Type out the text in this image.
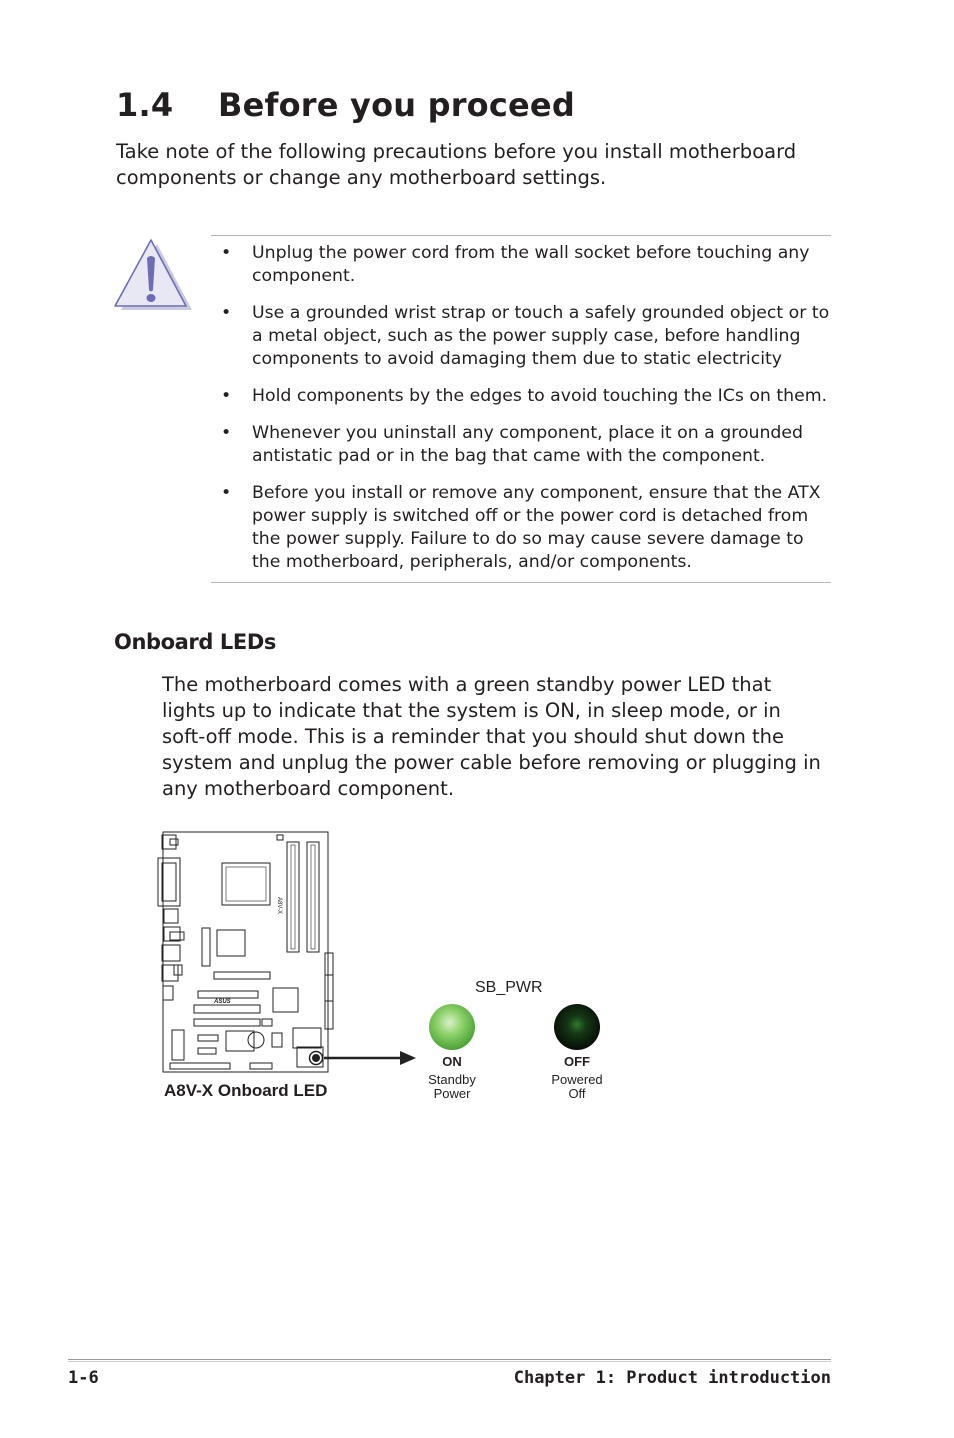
1.4 Before you proceed

Take note of the following precautions before you install motherboard components or change any motherboard settings.

• Unplug the power cord from the wall socket before touching any component.
• Use a grounded wrist strap or touch a safely grounded object or to a metal object, such as the power supply case, before handling components to avoid damaging them due to static electricity
• Hold components by the edges to avoid touching the ICs on them.
• Whenever you uninstall any component, place it on a grounded antistatic pad or in the bag that came with the component.
• Before you install or remove any component, ensure that the ATX power supply is switched off or the power cord is detached from the power supply. Failure to do so may cause severe damage to the motherboard, peripherals, and/or components.
Onboard LEDs

The motherboard comes with a green standby power LED that lights up to indicate that the system is ON, in sleep mode, or in soft-off mode. This is a reminder that you should shut down the system and unplug the power cable before removing or plugging in any motherboard component.

A8V-X
ASUS
SB_PWR
ON
Standby
Power
OFF
Powered
Off
A8V-X Onboard LED
1-6	Chapter 1: Product introduction
